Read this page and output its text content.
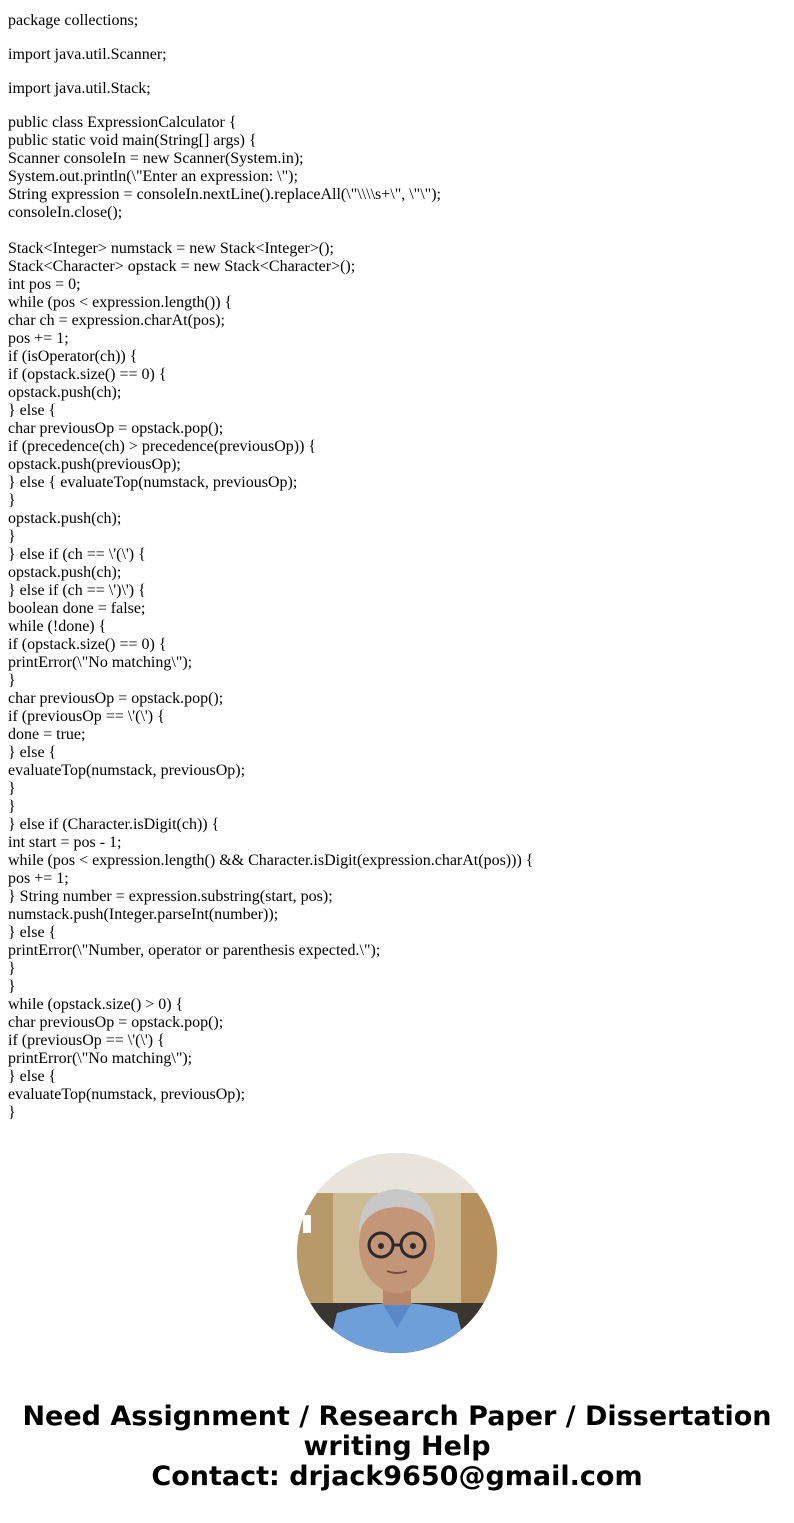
package collections;
import java.util.Scanner;
import java.util.Stack;
public class ExpressionCalculator {
public static void main(String[] args) {
Scanner consoleIn = new Scanner(System.in);
System.out.println(\"Enter an expression: \");
String expression = consoleIn.nextLine().replaceAll(\"\\\\s+\", \"\");
consoleIn.close();
Stack<Integer> numstack = new Stack<Integer>();
Stack<Character> opstack = new Stack<Character>();
int pos = 0;
while (pos < expression.length()) {
char ch = expression.charAt(pos);
pos += 1;
if (isOperator(ch)) {
if (opstack.size() == 0) {
opstack.push(ch);
} else {
char previousOp = opstack.pop();
if (precedence(ch) > precedence(previousOp)) {
opstack.push(previousOp);
} else { evaluateTop(numstack, previousOp);
}
opstack.push(ch);
}
} else if (ch == \'(\') {
opstack.push(ch);
} else if (ch == \')\') {
boolean done = false;
while (!done) {
if (opstack.size() == 0) {
printError(\"No matching\");
}
char previousOp = opstack.pop();
if (previousOp == \'(\') {
done = true;
} else {
evaluateTop(numstack, previousOp);
}
}
} else if (Character.isDigit(ch)) {
int start = pos - 1;
while (pos < expression.length() && Character.isDigit(expression.charAt(pos))) {
pos += 1;
} String number = expression.substring(start, pos);
numstack.push(Integer.parseInt(number));
} else {
printError(\"Number, operator or parenthesis expected.\");
}
}
while (opstack.size() > 0) {
char previousOp = opstack.pop();
if (previousOp == \'(\') {
printError(\"No matching\");
} else {
evaluateTop(numstack, previousOp);
}
Need Assignment / Research Paper / Dissertation
writing Help
Contact: drjack9650@gmail.com
